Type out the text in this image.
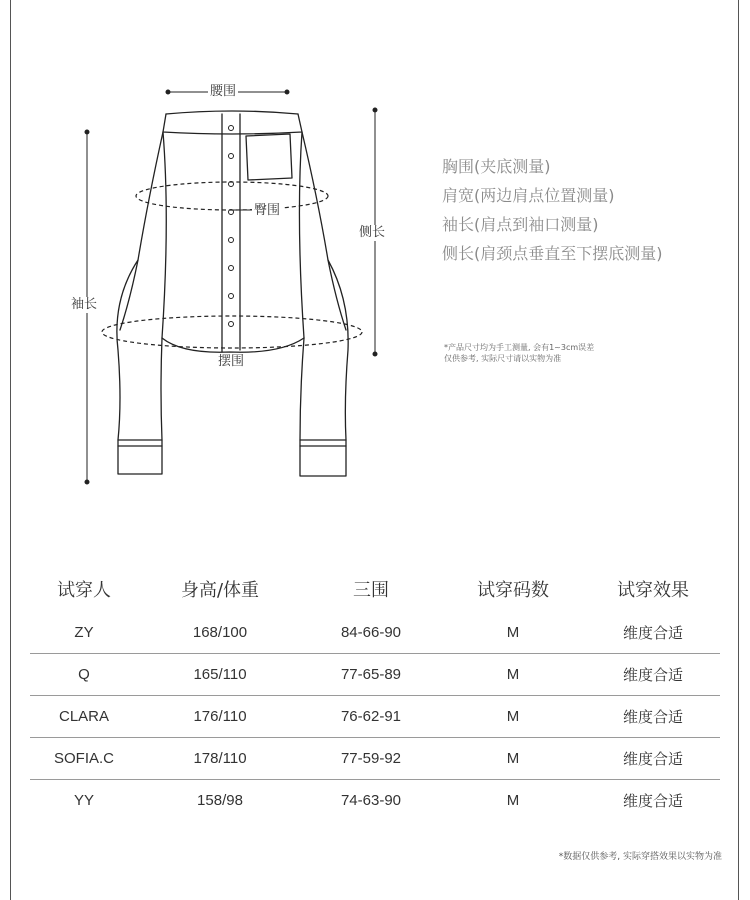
腰围
臀围
侧长
袖长
摆围
胸围(夹底测量)
肩宽(两边肩点位置测量)
袖长(肩点到袖口测量)
侧长(肩颈点垂直至下摆底测量)
*产品尺寸均为手工测量, 会有1~3cm误差
仅供参考, 实际尺寸请以实物为准
试穿人	身高/体重	三围	试穿码数	试穿效果
ZY	168/100	84-66-90	M	维度合适
Q	165/110	77-65-89	M	维度合适
CLARA	176/110	76-62-91	M	维度合适
SOFIA.C	178/110	77-59-92	M	维度合适
YY	158/98	74-63-90	M	维度合适
*数据仅供参考, 实际穿搭效果以实物为准
